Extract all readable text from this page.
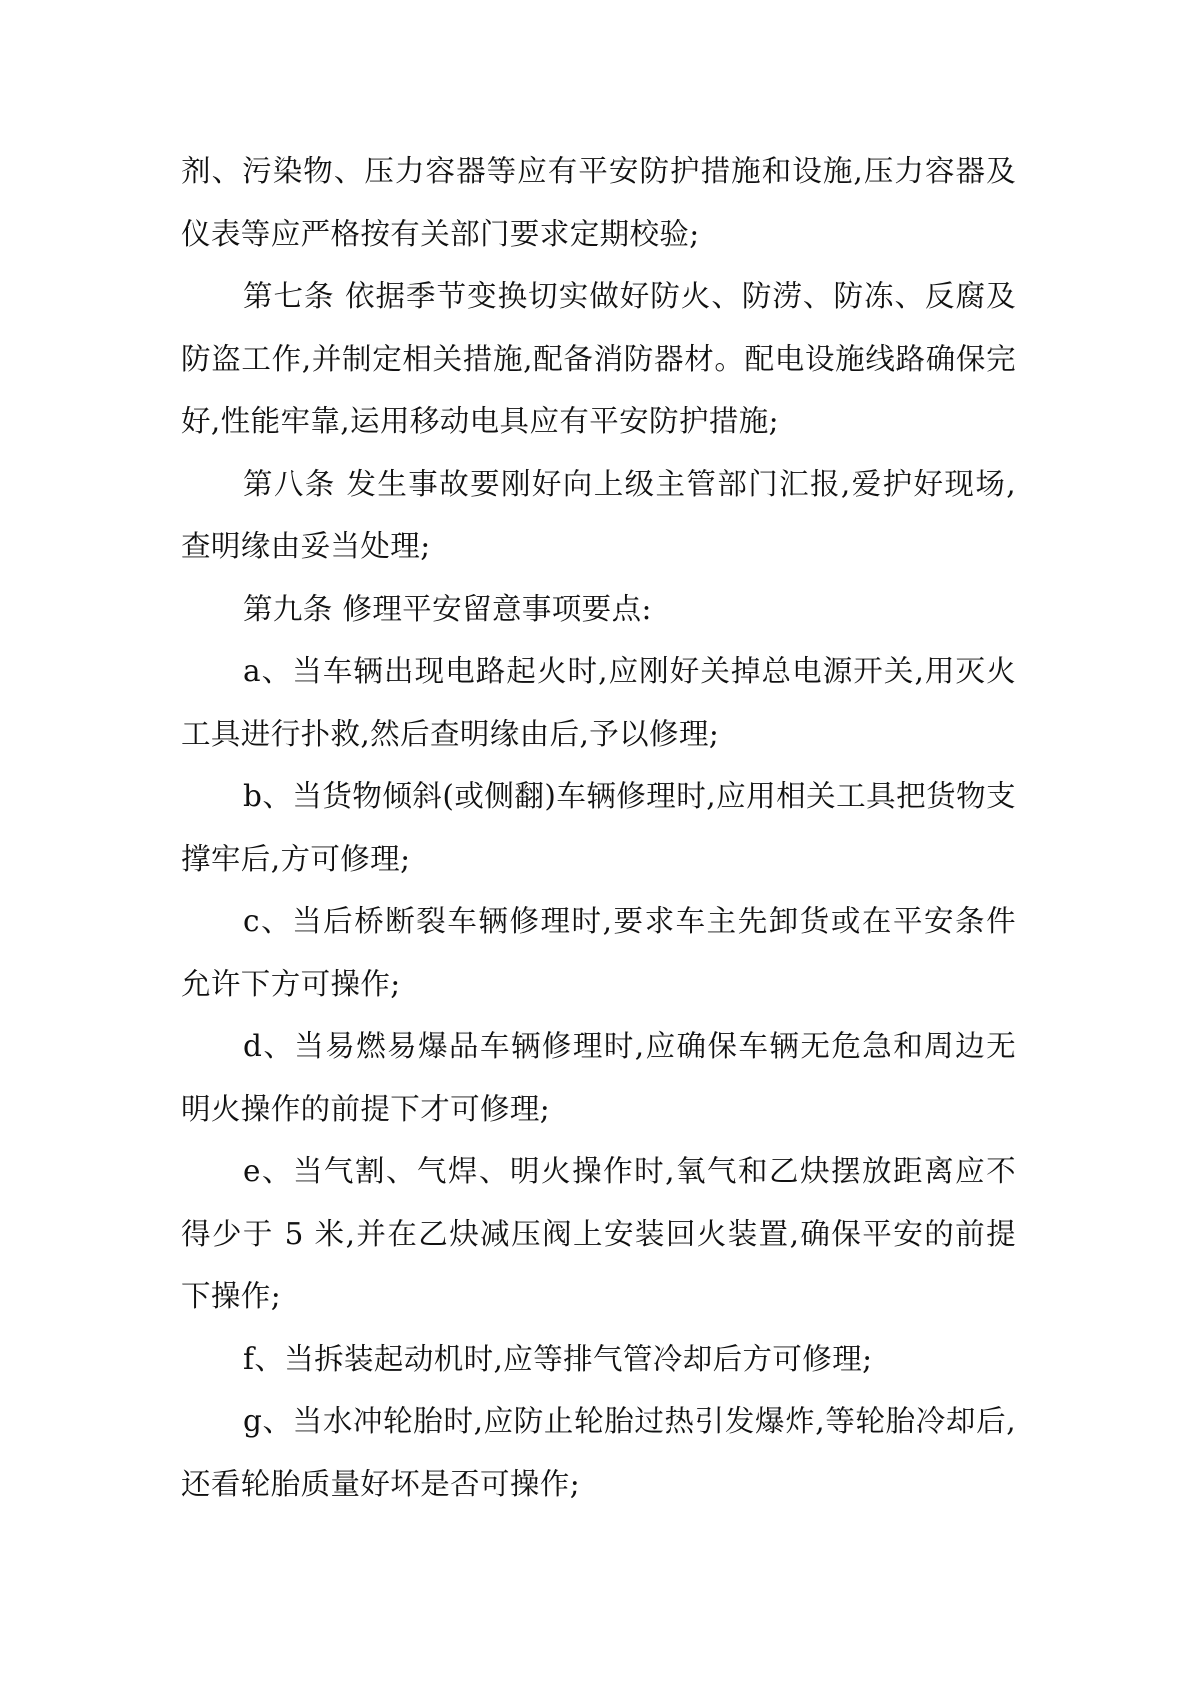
剂、污染物、压力容器等应有平安防护措施和设施,压力容器及仪表等应严格按有关部门要求定期校验;

第七条 依据季节变换切实做好防火、防涝、防冻、反腐及防盗工作,并制定相关措施,配备消防器材。配电设施线路确保完好,性能牢靠,运用移动电具应有平安防护措施;

第八条 发生事故要刚好向上级主管部门汇报,爱护好现场,查明缘由妥当处理;

第九条 修理平安留意事项要点:

a、当车辆出现电路起火时,应刚好关掉总电源开关,用灭火工具进行扑救,然后查明缘由后,予以修理;

b、当货物倾斜(或侧翻)车辆修理时,应用相关工具把货物支撑牢后,方可修理;

c、当后桥断裂车辆修理时,要求车主先卸货或在平安条件允许下方可操作;

d、当易燃易爆品车辆修理时,应确保车辆无危急和周边无明火操作的前提下才可修理;

e、当气割、气焊、明火操作时,氧气和乙炔摆放距离应不得少于 5 米,并在乙炔减压阀上安装回火装置,确保平安的前提下操作;

f、当拆装起动机时,应等排气管冷却后方可修理;

g、当水冲轮胎时,应防止轮胎过热引发爆炸,等轮胎冷却后,还看轮胎质量好坏是否可操作;
